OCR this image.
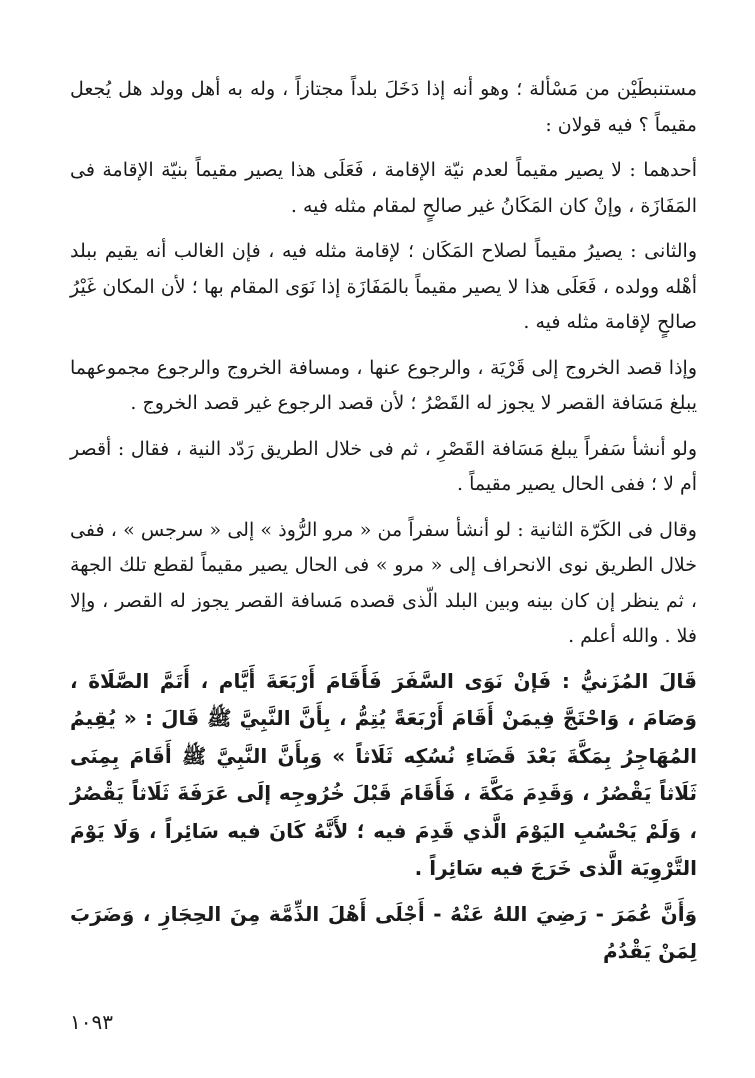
مستنبطَيْن من مَسْألة ؛ وهو أنه إذا دَخَلَ بلداً مجتازاً ، وله به أهل وولد هل يُجعل مقيماً ؟ فيه قولان :

أحدهما : لا يصير مقيماً لعدم نيّة الإقامة ، فَعَلَى هذا يصير مقيماً بنيّة الإقامة فى المَفَازَة ، وإنْ كان المَكَانُ غير صالحٍ لمقام مثله فيه .

والثانى : يصيرُ مقيماً لصلاح المَكَان ؛ لإقامة مثله فيه ، فإن الغالب أنه يقيم ببلد أهْله وولده ، فَعَلَى هذا لا يصير مقيماً بالمَفَازَة إذا نَوَى المقام بها ؛ لأن المكان غَيْرُ صالحٍ لإقامة مثله فيه .

وإذا قصد الخروج إلى قَرْيَة ، والرجوع عنها ، ومسافة الخروج والرجوع مجموعهما يبلغ مَسَافة القصر لا يجوز له القَصْرُ ؛ لأن قصد الرجوع غير قصد الخروج .

ولو أنشأ سَفراً يبلغ مَسَافة القَصْرِ ، ثم فى خلال الطريق رَدّد النية ، فقال : أقصر أم لا ؛ ففى الحال يصير مقيماً .

وقال فى الكَرّة الثانية : لو أنشأ سفراً من « مرو الرُّوذ » إلى « سرجس » ، ففى خلال الطريق نوى الانحراف إلى « مرو » فى الحال يصير مقيماً لقطع تلك الجهة ، ثم ينظر إن كان بينه وبين البلد الّذى قصده مَسافة القصر يجوز له القصر ، وإلا فلا . والله أعلم .

قَالَ المُزَنيُّ : فَإنْ نَوَى السَّفَرَ فَأَقَامَ أَرْبَعَةَ أَيَّام ، أَتَمَّ الصَّلَاةَ ، وَصَامَ ، وَاحْتَجَّ فِيمَنْ أَقَامَ أَرْبَعَةً يُتِمُّ ، بِأَنَّ النَّبِيَّ ﷺ قَالَ : « يُقِيمُ المُهَاجِرُ بِمَكَّةَ بَعْدَ قَضَاءِ نُسُكِه ثَلَاثاً » وَبِأَنَّ النَّبِيَّ ﷺ أَقَامَ بِمِنَى ثَلَاثاً يَقْصُرُ ، وَقَدِمَ مَكَّةَ ، فَأَقَامَ قَبْلَ خُرُوجِه إلَى عَرَفَةَ ثَلَاثاً يَقْصُرُ ، وَلَمْ يَحْسُبِ اليَوْمَ الَّذي قَدِمَ فيه ؛ لأَنَّهُ كَانَ فيه سَائِراً ، وَلَا يَوْمَ التَّرْوِيَة الَّذى خَرَجَ فيه سَائِراً .

وَأَنَّ عُمَرَ - رَضِيَ اللهُ عَنْهُ - أَجْلَى أَهْلَ الذِّمَّة مِنَ الحِجَازِ ، وَضَرَبَ لِمَنْ يَقْدُمُ

١٠٩٣
